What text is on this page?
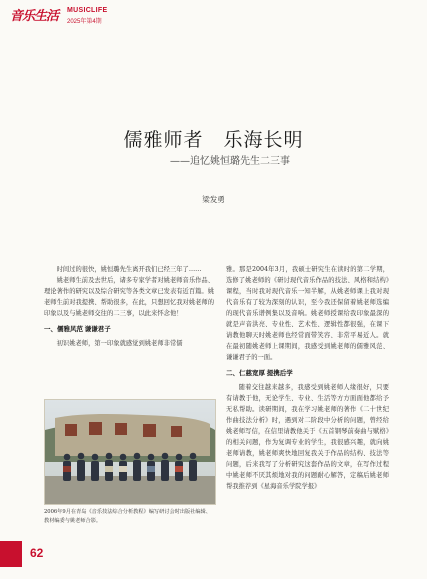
音乐生活 MUSICLIFE
2025年第4期
儒雅师者　乐海长明
——追忆姚恒璐先生二三事
梁发勇

时间过的很快，姚恒璐先生离开我们已经三年了……

姚老师生前及去世后，诸多专家学者对姚老师音乐作品、理论著作的研究以及综合研究等各类文章已发表有近百篇。姚老师生前对我提携、帮助很多，在此，只想回忆我对姚老师的印象以及与姚老师交往的二三事，以此来怀念他！

一、儒雅风范 谦谦君子

初识姚老师，第一印象就感觉到姚老师非常儒

2006年9月在青岛《音乐技法综合分析教程》编写研讨会时出版社编辑、教材编委与姚老师合影。

雅。那是2004年3月，我硕士研究生在读时的第二学期，选修了姚老师的《研讨现代音乐作品的技法、风格和结构》课程，当时我对现代音乐一知半解，从姚老师课上我对现代音乐有了较为深刻的认识，至今我还保留着姚老师选编的现代音乐谱例集以及音响。姚老师授课给我印象最深的就是声音洪亮、专业性、艺术性、逻辑性都很强，在课下请教他聊天时姚老师也经常面带笑容、非常平易近人。就在最初随姚老师上课期间，我感受到姚老师的儒雅风范、谦谦君子的一面。

二、仁慈宽厚 提携后学

随着交往越来越多，我感受到姚老师人缘很好，只要有请教于他，无论学生、专业、生活等方方面面他都给予无私帮助。读研期间，我在学习姚老师的著作《二十世纪作曲技法分析》时，遇到对二阶段中分析的问题，曾经给姚老师写信，在信里请教他关于《五首钢琴前奏曲与赋格》的相关问题，作为复调专业的学生，我很感兴趣，就向姚老师请教，姚老师爽快地回复我关于作品的结构、技法等问题，后来我写了分析研究这套作品的文章，在写作过程中姚老师不厌其烦地对我的问题耐心解答，定稿后姚老师帮我推荐到《星海音乐学院学报》

62
